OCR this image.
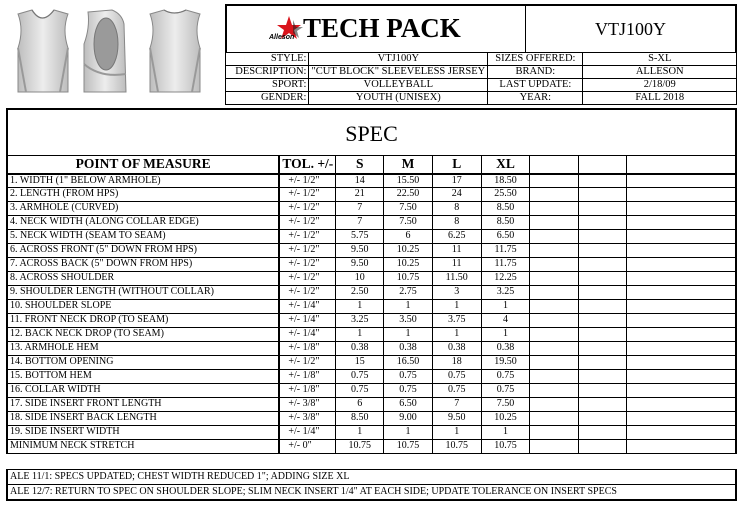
Alleson TECH PACK	VTJ100Y
STYLE:	VTJ100Y	SIZES OFFERED:	S-XL
DESCRIPTION:	"CUT BLOCK" SLEEVELESS JERSEY	BRAND:	ALLESON
SPORT:	VOLLEYBALL	LAST UPDATE:	2/18/09
GENDER:	YOUTH (UNISEX)	YEAR:	FALL 2018
SPEC
POINT OF MEASURE	TOL. +/-	S	M	L	XL			
1. WIDTH (1" BELOW ARMHOLE)	+/- 1/2"	14	15.50	17	18.50			
2. LENGTH (FROM HPS)	+/- 1/2"	21	22.50	24	25.50			
3. ARMHOLE (CURVED)	+/- 1/2"	7	7.50	8	8.50			
4. NECK WIDTH (ALONG COLLAR EDGE)	+/- 1/2"	7	7.50	8	8.50			
5. NECK WIDTH (SEAM TO SEAM)	+/- 1/2"	5.75	6	6.25	6.50			
6. ACROSS FRONT (5" DOWN FROM HPS)	+/- 1/2"	9.50	10.25	11	11.75			
7. ACROSS BACK (5" DOWN FROM HPS)	+/- 1/2"	9.50	10.25	11	11.75			
8. ACROSS SHOULDER	+/- 1/2"	10	10.75	11.50	12.25			
9. SHOULDER LENGTH (WITHOUT COLLAR)	+/- 1/2"	2.50	2.75	3	3.25			
10. SHOULDER SLOPE	+/- 1/4"	1	1	1	1			
11. FRONT NECK DROP (TO SEAM)	+/- 1/4"	3.25	3.50	3.75	4			
12. BACK NECK DROP (TO SEAM)	+/- 1/4"	1	1	1	1			
13. ARMHOLE HEM	+/- 1/8"	0.38	0.38	0.38	0.38			
14. BOTTOM OPENING	+/- 1/2"	15	16.50	18	19.50			
15. BOTTOM HEM	+/- 1/8"	0.75	0.75	0.75	0.75			
16. COLLAR WIDTH	+/- 1/8"	0.75	0.75	0.75	0.75			
17. SIDE INSERT FRONT LENGTH	+/- 3/8"	6	6.50	7	7.50			
18. SIDE INSERT BACK LENGTH	+/- 3/8"	8.50	9.00	9.50	10.25			
19. SIDE INSERT WIDTH	+/- 1/4"	1	1	1	1			
MINIMUM NECK STRETCH	+/- 0"	10.75	10.75	10.75	10.75			
ALE 11/1: SPECS UPDATED; CHEST WIDTH REDUCED 1"; ADDING SIZE XL
ALE 12/7: RETURN TO SPEC ON SHOULDER SLOPE; SLIM NECK INSERT 1/4" AT EACH SIDE; UPDATE TOLERANCE ON INSERT SPECS
